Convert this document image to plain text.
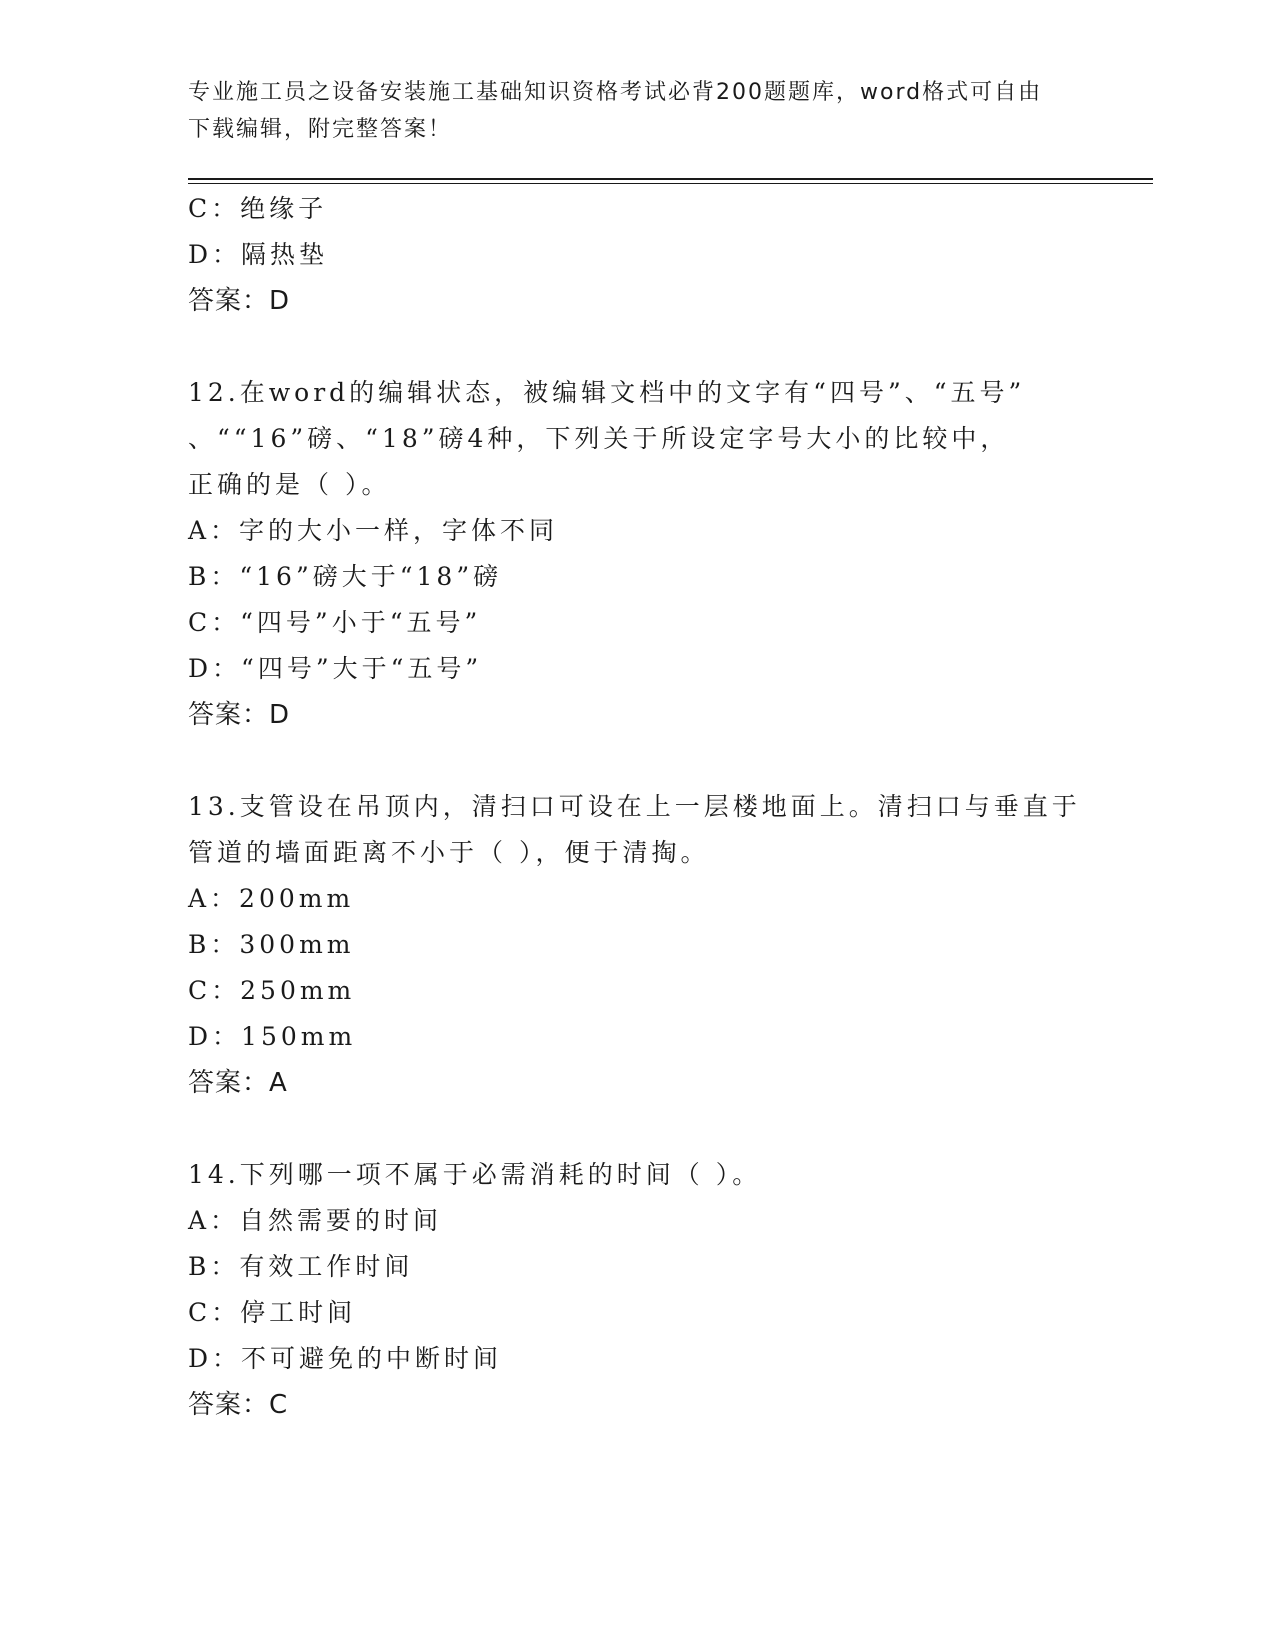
专业施工员之设备安装施工基础知识资格考试必背200题题库，word格式可自由
下载编辑，附完整答案！
C：绝缘子
D：隔热垫
答案：D
12.在word的编辑状态，被编辑文档中的文字有“四号”、“五号”
、““16”磅、“18”磅4种，下列关于所设定字号大小的比较中，
正确的是（ ）。
A：字的大小一样，字体不同
B：“16”磅大于“18”磅
C：“四号”小于“五号”
D：“四号”大于“五号”
答案：D
13.支管设在吊顶内，清扫口可设在上一层楼地面上。清扫口与垂直于
管道的墙面距离不小于（ ），便于清掏。
A：200mm
B：300mm
C：250mm
D：150mm
答案：A
14.下列哪一项不属于必需消耗的时间（ ）。
A：自然需要的时间
B：有效工作时间
C：停工时间
D：不可避免的中断时间
答案：C
